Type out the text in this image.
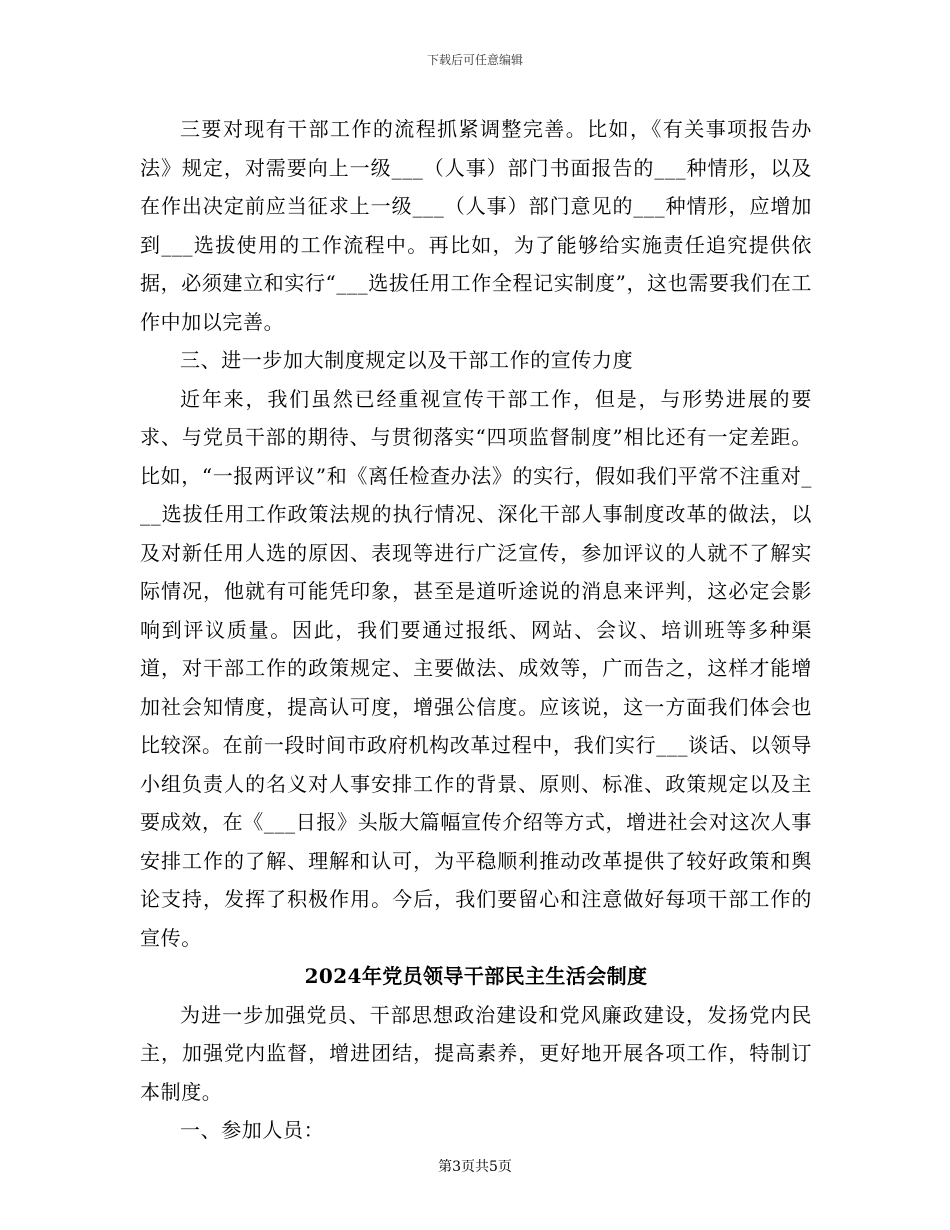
下载后可任意编辑

三要对现有干部工作的流程抓紧调整完善。比如，《有关事项报告办法》规定，对需要向上一级___（人事）部门书面报告的___种情形，以及在作出决定前应当征求上一级___（人事）部门意见的___种情形，应增加到___选拔使用的工作流程中。再比如，为了能够给实施责任追究提供依据，必须建立和实行“___选拔任用工作全程记实制度”，这也需要我们在工作中加以完善。

三、进一步加大制度规定以及干部工作的宣传力度

近年来，我们虽然已经重视宣传干部工作，但是，与形势进展的要求、与党员干部的期待、与贯彻落实“四项监督制度”相比还有一定差距。比如，“一报两评议”和《离任检查办法》的实行，假如我们平常不注重对___选拔任用工作政策法规的执行情况、深化干部人事制度改革的做法，以及对新任用人选的原因、表现等进行广泛宣传，参加评议的人就不了解实际情况，他就有可能凭印象，甚至是道听途说的消息来评判，这必定会影响到评议质量。因此，我们要通过报纸、网站、会议、培训班等多种渠道，对干部工作的政策规定、主要做法、成效等，广而告之，这样才能增加社会知情度，提高认可度，增强公信度。应该说，这一方面我们体会也比较深。在前一段时间市政府机构改革过程中，我们实行___谈话、以领导小组负责人的名义对人事安排工作的背景、原则、标准、政策规定以及主要成效，在《___日报》头版大篇幅宣传介绍等方式，增进社会对这次人事安排工作的了解、理解和认可，为平稳顺利推动改革提供了较好政策和舆论支持，发挥了积极作用。今后，我们要留心和注意做好每项干部工作的宣传。

2024年党员领导干部民主生活会制度

为进一步加强党员、干部思想政治建设和党风廉政建设，发扬党内民主，加强党内监督，增进团结，提高素养，更好地开展各项工作，特制订本制度。

一、参加人员：

第3页共5页
